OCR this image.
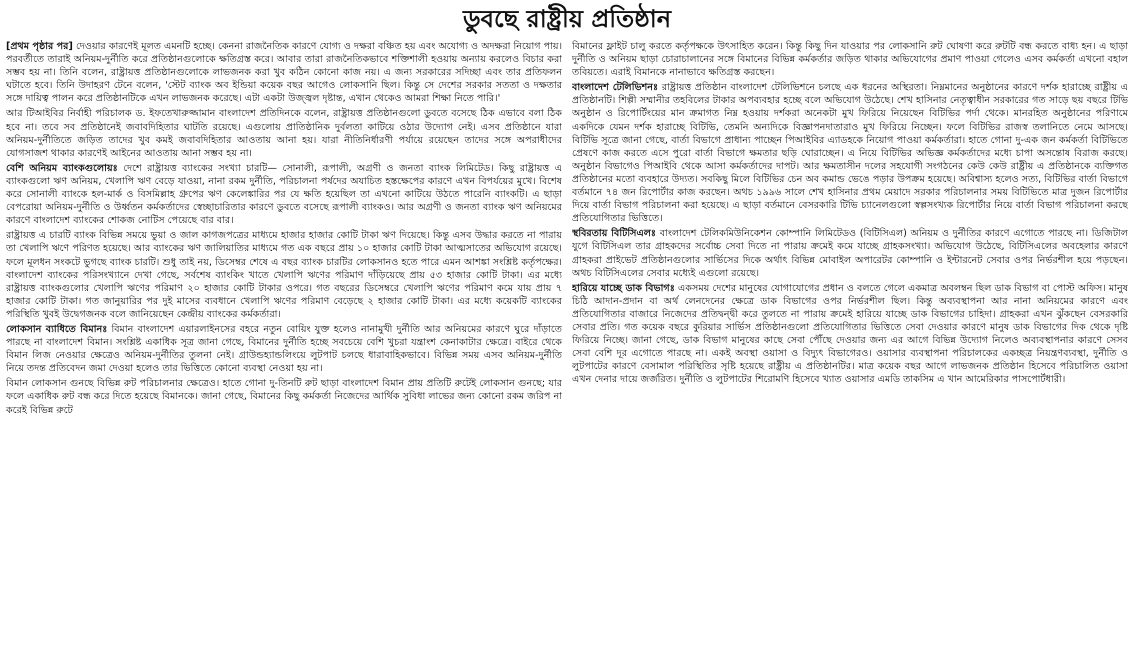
ডুবছে রাষ্ট্রীয় প্রতিষ্ঠান

[প্রথম পৃষ্ঠার পর] দেওয়ার কারণেই মূলত এমনটি হচ্ছে। কেননা রাজনৈতিক কারণে যোগ্য ও দক্ষরা বঞ্চিত হয় এবং অযোগ্য ও অদক্ষরা নিয়োগ পায়। পরবর্তীতে তারাই অনিয়ম-দুর্নীতি করে প্রতিষ্ঠানগুলোকে ক্ষতিগ্রস্ত করে। আবার তারা রাজনৈতিকভাবে শক্তিশালী হওয়ায় অন্যায় করলেও বিচার করা সম্ভব হয় না। তিনি বলেন, রাষ্ট্রায়ত্ত প্রতিষ্ঠানগুলোকে লাভজনক করা খুব কঠিন কোনো কাজ নয়। এ জন্য সরকারের সদিচ্ছা এবং তার প্রতিফলন ঘটাতে হবে। তিনি উদাহরণ টেনে বলেন, 'স্টেট ব্যাংক অব ইন্ডিয়া কয়েক বছর আগেও লোকসানি ছিল। কিন্তু সে দেশের সরকার সততা ও দক্ষতার সঙ্গে দায়িত্ব পালন করে প্রতিষ্ঠানটিকে এখন লাভজনক করেছে। এটা একটা উজ্জ্বল দৃষ্টান্ত, এখান থেকেও আমরা শিক্ষা নিতে পারি।'

আর টিআইবির নির্বাহী পরিচালক ড. ইফতেখারুজ্জামান বাংলাদেশ প্রতিদিনকে বলেন, রাষ্ট্রায়ত্ত প্রতিষ্ঠানগুলো ডুবতে বসেছে ঠিক এভাবে বলা ঠিক হবে না। তবে সব প্রতিষ্ঠানেই জবাবদিহিতার ঘাটতি রয়েছে। এগুলোয় প্রাতিষ্ঠানিক দুর্বলতা কাটিয়ে ওঠার উদ্যোগ নেই। এসব প্রতিষ্ঠানে যারা অনিয়ম-দুর্নীতিতে জড়িত তাদের খুব কমই জবাবদিহিতার আওতায় আনা হয়। যারা নীতিনির্ধারণী পর্যায়ে রয়েছেন তাদের সঙ্গে অপরাধীদের যোগসাজশ থাকার কারণেই আইনের আওতায় আনা সম্ভব হয় না।

বেশি অনিয়ম ব্যাংকগুলোয়ঃ দেশে রাষ্ট্রায়ত্ত ব্যাংকের সংখ্যা চারটি— সোনালী, রূপালী, অগ্রণী ও জনতা ব্যাংক লিমিটেড। কিছু রাষ্ট্রায়ত্ত এ ব্যাংকগুলো ঋণ অনিয়ম, খেলাপি ঋণ বেড়ে যাওয়া, নানা রকম দুর্নীতি, পরিচালনা পর্ষদের অযাচিত হস্তক্ষেপের কারণে এখন বিপর্যয়ের মুখে। বিশেষ করে সোনালী ব্যাংকে হল-মার্ক ও বিসমিল্লাহ গ্রুপের ঋণ কেলেঙ্কারির পর যে ক্ষতি হয়েছিল তা এখনো কাটিয়ে উঠতে পারেনি ব্যাংকটি। এ ছাড়া বেপরোয়া অনিয়ম-দুর্নীতি ও উর্ধ্বতন কর্মকর্তাদের স্বেচ্ছাচারিতার কারণে ডুবতে বসেছে রূপালী ব্যাংকও। আর অগ্রণী ও জনতা ব্যাংক ঋণ অনিয়মের কারণে বাংলাদেশ ব্যাংকের শোকজ নোটিস পেয়েছে বার বার।

রাষ্ট্রায়ত্ত এ চারটি ব্যাংক বিভিন্ন সময়ে ভুয়া ও জাল কাগজপত্রের মাধ্যমে হাজার হাজার কোটি টাকা ঋণ দিয়েছে। কিন্তু এসব উদ্ধার করতে না পারায় তা খেলাপি ঋণে পরিণত হয়েছে। আর ব্যাংকের ঋণ জালিয়াতির মাধ্যমে গত এক বছরে প্রায় ১০ হাজার কোটি টাকা আত্মসাতের অভিযোগ রয়েছে। ফলে মূলধন সংকটে ভুগছে ব্যাংক চারটি। শুধু তাই নয়, ডিসেম্বর শেষে এ বছর ব্যাংক চারটির লোকসানও হতে পারে এমন আশঙ্কা সংশ্লিষ্ট কর্তৃপক্ষের। বাংলাদেশ ব্যাংকের পরিসংখ্যানে দেখা গেছে, সর্বশেষ ব্যাংকিং খাতে খেলাপি ঋণের পরিমাণ দাঁড়িয়েছে প্রায় ৫৩ হাজার কোটি টাকা। এর মধ্যে রাষ্ট্রায়ত্ত ব্যাংকগুলোর খেলাপি ঋণের পরিমাণ ২০ হাজার কোটি টাকার ওপরে। গত বছরের ডিসেম্বরে খেলাপি ঋণের পরিমাণ কমে যায় প্রায় ৭ হাজার কোটি টাকা। গত জানুয়ারির পর দুই মাসের ব্যবধানে খেলাপি ঋণের পরিমাণ বেড়েছে ২ হাজার কোটি টাকা। এর মধ্যে কয়েকটি ব্যাংকের পরিস্থিতি খুবই উদ্বেগজনক বলে জানিয়েছেন কেন্দ্রীয় ব্যাংকের কর্মকর্তারা।

লোকসান ব্যাধিতে বিমানঃ বিমান বাংলাদেশ এয়ারলাইনসের বহরে নতুন বোয়িং যুক্ত হলেও নানামুখী দুর্নীতি আর অনিয়মের কারণে ঘুরে দাঁড়াতে পারছে না বাংলাদেশ বিমান। সংশ্লিষ্ট একাধিক সূত্র জানা গেছে, বিমানের দুর্নীতি হচ্ছে সবচেয়ে বেশি খুচরা যন্ত্রাংশ কেনাকাটার ক্ষেত্রে। বাইরে থেকে বিমান লিজ নেওয়ার ক্ষেত্রেও অনিয়ম-দুর্নীতির তুলনা নেই। গ্রাউন্ডহ্যান্ডলিংয়ে লুটপাট চলছে ধারাবাহিকভাবে। বিভিন্ন সময় এসব অনিয়ম-দুর্নীতি নিয়ে তদন্ত প্রতিবেদন জমা দেওয়া হলেও তার ভিত্তিতে কোনো ব্যবস্থা নেওয়া হয় না।

বিমান লোকসান গুনছে বিভিন্ন রুট পরিচালনার ক্ষেত্রেও। হাতে গোনা দু-তিনটি রুট ছাড়া বাংলাদেশ বিমান প্রায় প্রতিটি রুটেই লোকসান গুনছে; যার ফলে একাধিক রুট বন্ধ করে দিতে হয়েছে বিমানকে। জানা গেছে, বিমানের কিছু কর্মকর্তা নিজেদের আর্থিক সুবিধা লাভের জন্য কোনো রকম জরিপ না করেই বিভিন্ন রুটে

বিমানের ফ্লাইট চালু করতে কর্তৃপক্ষকে উৎসাহিত করেন। কিন্তু কিছু দিন যাওয়ার পর লোকসানি রুট ঘোষণা করে রুটটি বন্ধ করতে বাধ্য হন। এ ছাড়া দুর্নীতি ও অনিয়ম ছাড়া চোরাচালানের সঙ্গে বিমানের বিভিন্ন কর্মকর্তার জড়িত থাকার অভিযোগের প্রমাণ পাওয়া গেলেও এসব কর্মকর্তা এখনো বহাল তবিয়তে। এরাই বিমানকে নানাভাবে ক্ষতিগ্রস্ত করছেন।

বাংলাদেশ টেলিভিশনঃ রাষ্ট্রায়ত্ত প্রতিষ্ঠান বাংলাদেশ টেলিভিশনে চলছে এক ধরনের অস্থিরতা। নিম্নমানের অনুষ্ঠানের কারণে দর্শক হারাচ্ছে রাষ্ট্রীয় এ প্রতিষ্ঠানটি। শিল্পী সম্মানীর তহবিলের টাকার অপব্যবহার হচ্ছে বলে অভিযোগ উঠেছে। শেখ হাসিনার নেতৃত্বাধীন সরকারের গত সাড়ে ছয় বছরে টিভি অনুষ্ঠান ও রিপোর্টিংয়ের মান ক্রমাগত নিম্ন হওয়ায় দর্শকরা অনেকটা মুখ ফিরিয়ে নিয়েছেন বিটিভির পর্দা থেকে। মানরহিত অনুষ্ঠানের পরিণামে একদিকে যেমন দর্শক হারাচ্ছে বিটিভি, তেমনি অন্যদিকে বিজ্ঞাপনদাতারাও মুখ ফিরিয়ে নিচ্ছেন। ফলে বিটিভির রাজস্ব তলানিতে নেমে আসছে। বিটিভি সূত্রে জানা গেছে, বার্তা বিভাগে প্রাধান্য পাচ্ছেন পিআইবির এ্যাডহকে নিয়োগ পাওয়া কর্মকর্তারা। হাতে গোনা দু-এক জন কর্মকর্তা বিটিভিতে প্রেষণে কাজ করতে এসে পুরো বার্তা বিভাগে ক্ষমতার ছড়ি ঘোরাচ্ছেন। এ নিয়ে বিটিভির অভিজ্ঞ কর্মকর্তাদের মধ্যে চাপা অসন্তোষ বিরাজ করছে। অনুষ্ঠান বিভাগেও পিআইবি থেকে আসা কর্মকর্তাদের দাপট। আর ক্ষমতাসীন দলের সহযোগী সংগঠনের কেউ কেউ রাষ্ট্রীয় এ প্রতিষ্ঠানকে ব্যক্তিগত প্রতিষ্ঠানের মতো ব্যবহারে উদ্যত। সবকিছু মিলে বিটিভির চেন অব কমান্ড ভেঙে পড়ার উপক্রম হয়েছে। অবিশ্বাস্য হলেও সত্য, বিটিভির বার্তা বিভাগে বর্তমানে ৭৪ জন রিপোর্টার কাজ করছেন। অথচ ১৯৯৬ সালে শেখ হাসিনার প্রথম মেয়াদে সরকার পরিচালনার সময় বিটিভিতে মাত্র দুজন রিপোর্টার দিয়ে বার্তা বিভাগ পরিচালনা করা হয়েছে। এ ছাড়া বর্তমানে বেসরকারি টিভি চ্যানেলগুলো স্বল্পসংখ্যক রিপোর্টার নিয়ে বার্তা বিভাগ পরিচালনা করছে প্রতিযোগিতার ভিত্তিতে।

স্থবিরতায় বিটিসিএলঃ বাংলাদেশ টেলিকমিউনিকেশন কোম্পানি লিমিটেডও (বিটিসিএল) অনিয়ম ও দুর্নীতির কারণে এগোতে পারছে না। ডিজিটাল যুগে বিটিসিএল তার গ্রাহকদের সর্বোচ্চ সেবা দিতে না পারায় ক্রমেই কমে যাচ্ছে গ্রাহকসংখ্যা। অভিযোগ উঠেছে, বিটিসিএলের অবহেলার কারণে গ্রাহকরা প্রাইভেট প্রতিষ্ঠানগুলোর সার্ভিসের দিকে অর্থাৎ বিভিন্ন মোবাইল অপারেটর কোম্পানি ও ইন্টারনেট সেবার ওপর নির্ভরশীল হয়ে পড়ছেন। অথচ বিটিসিএলের সেবার মধ্যেই এগুলো রয়েছে।

হারিয়ে যাচ্ছে ডাক বিভাগঃ একসময় দেশের মানুষের যোগাযোগের প্রধান ও বলতে গেলে একমাত্র অবলম্বন ছিল ডাক বিভাগ বা পোস্ট অফিস। মানুষ চিঠি আদান-প্রদান বা অর্থ লেনদেনের ক্ষেত্রে ডাক বিভাগের ওপর নির্ভরশীল ছিল। কিন্তু অব্যবস্থাপনা আর নানা অনিয়মের কারণে এবং প্রতিযোগিতার বাজারে নিজেদের প্রতিদ্বন্দ্বী করে তুলতে না পারায় ক্রমেই হারিয়ে যাচ্ছে ডাক বিভাগের চাহিদা। গ্রাহকরা এখন ঝুঁকছেন বেসরকারি সেবার প্রতি। গত কয়েক বছরে কুরিয়ার সার্ভিস প্রতিষ্ঠানগুলো প্রতিযোগিতার ভিত্তিতে সেবা দেওয়ার কারণে মানুষ ডাক বিভাগের দিক থেকে দৃষ্টি ফিরিয়ে নিচ্ছে। জানা গেছে, ডাক বিভাগ মানুষের কাছে সেবা পৌঁছে দেওয়ার জন্য এর আগে বিভিন্ন উদ্যোগ নিলেও অব্যবস্থাপনার কারণে সেসব সেবা বেশি দূর এগোতে পারছে না। একই অবস্থা ওয়াসা ও বিদ্যুৎ বিভাগেরও। ওয়াসার ব্যবস্থাপনা পরিচালকের একচ্ছত্র নিয়ন্ত্রণব্যবস্থা, দুর্নীতি ও লুটপাটের কারণে বেসামাল পরিস্থিতির সৃষ্টি হয়েছে রাষ্ট্রীয় এ প্রতিষ্ঠানটির। মাত্র কয়েক বছর আগে লাভজনক প্রতিষ্ঠান হিসেবে পরিচালিত ওয়াসা এখন দেনার দায়ে জর্জরিত। দুর্নীতি ও লুটপাটের শিরোমণি হিসেবে খ্যাত ওয়াসার এমডি তাকসিম এ খান আমেরিকার পাসপোর্টধারী।
